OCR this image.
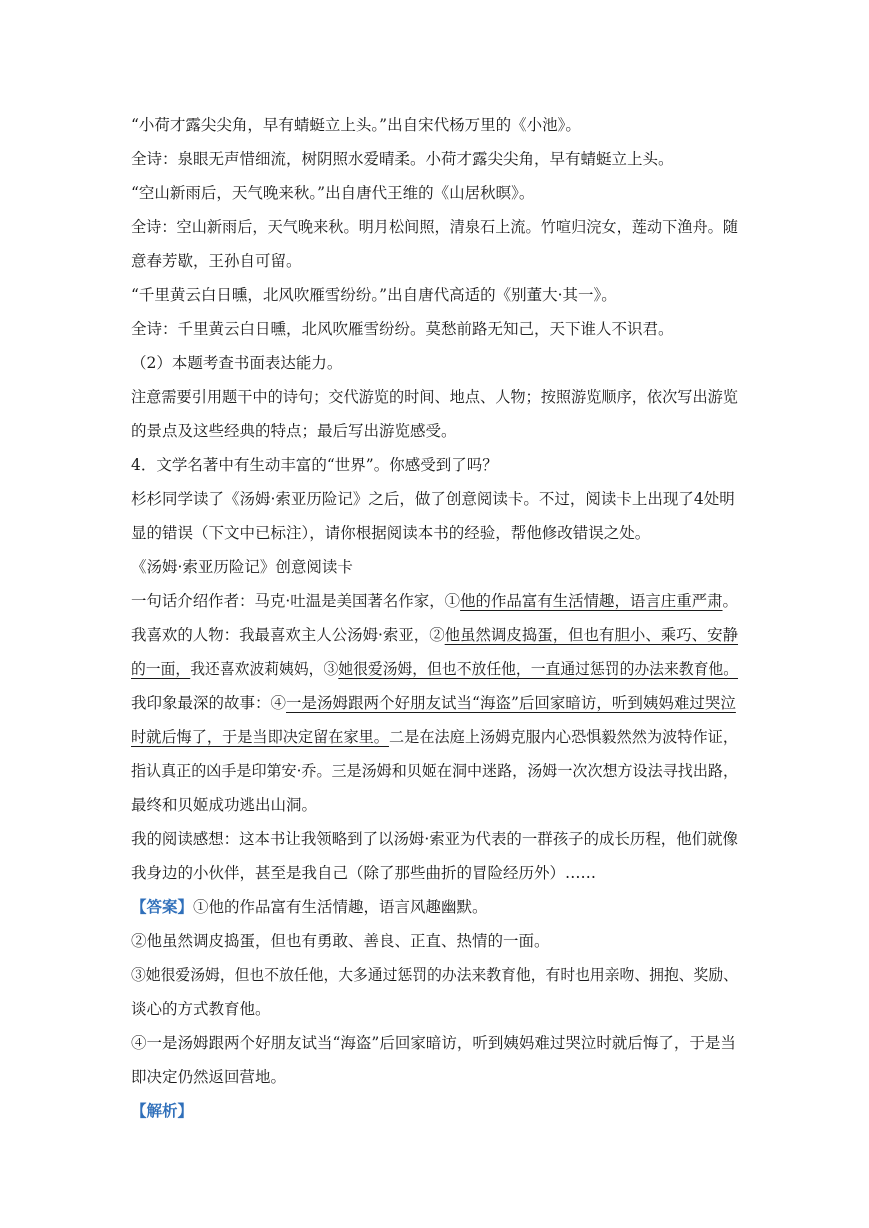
“小荷才露尖尖角，早有蜻蜓立上头。”出自宋代杨万里的《小池》。
全诗：泉眼无声惜细流，树阴照水爱晴柔。小荷才露尖尖角，早有蜻蜓立上头。
“空山新雨后，天气晚来秋。”出自唐代王维的《山居秋暝》。
全诗：空山新雨后，天气晚来秋。明月松间照，清泉石上流。竹喧归浣女，莲动下渔舟。随
意春芳歇，王孙自可留。
“千里黄云白日曛，北风吹雁雪纷纷。”出自唐代高适的《别董大·其一》。
全诗：千里黄云白日曛，北风吹雁雪纷纷。莫愁前路无知己，天下谁人不识君。
（2）本题考查书面表达能力。
注意需要引用题干中的诗句；交代游览的时间、地点、人物；按照游览顺序，依次写出游览
的景点及这些经典的特点；最后写出游览感受。
4．文学名著中有生动丰富的“世界”。你感受到了吗？
杉杉同学读了《汤姆·索亚历险记》之后，做了创意阅读卡。不过，阅读卡上出现了4处明
显的错误（下文中已标注），请你根据阅读本书的经验，帮他修改错误之处。
《汤姆·索亚历险记》创意阅读卡
一句话介绍作者：马克·吐温是美国著名作家，①他的作品富有生活情趣，语言庄重严肃。
我喜欢的人物：我最喜欢主人公汤姆·索亚，②他虽然调皮捣蛋，但也有胆小、乘巧、安静
的一面，我还喜欢波莉姨妈，③她很爱汤姆，但也不放任他，一直通过惩罚的办法来教育他。
我印象最深的故事：④一是汤姆跟两个好朋友试当“海盗”后回家暗访，听到姨妈难过哭泣
时就后悔了，于是当即决定留在家里。二是在法庭上汤姆克服内心恐惧毅然然为波特作证，
指认真正的凶手是印第安·乔。三是汤姆和贝姬在洞中迷路，汤姆一次次想方设法寻找出路，
最终和贝姬成功逃出山洞。
我的阅读感想：这本书让我领略到了以汤姆·索亚为代表的一群孩子的成长历程，他们就像
我身边的小伙伴，甚至是我自己（除了那些曲折的冒险经历外）……
【答案】①他的作品富有生活情趣，语言风趣幽默。
②他虽然调皮捣蛋，但也有勇敢、善良、正直、热情的一面。
③她很爱汤姆，但也不放任他，大多通过惩罚的办法来教育他，有时也用亲吻、拥抱、奖励、
谈心的方式教育他。
④一是汤姆跟两个好朋友试当“海盗”后回家暗访，听到姨妈难过哭泣时就后悔了，于是当
即决定仍然返回营地。
【解析】
